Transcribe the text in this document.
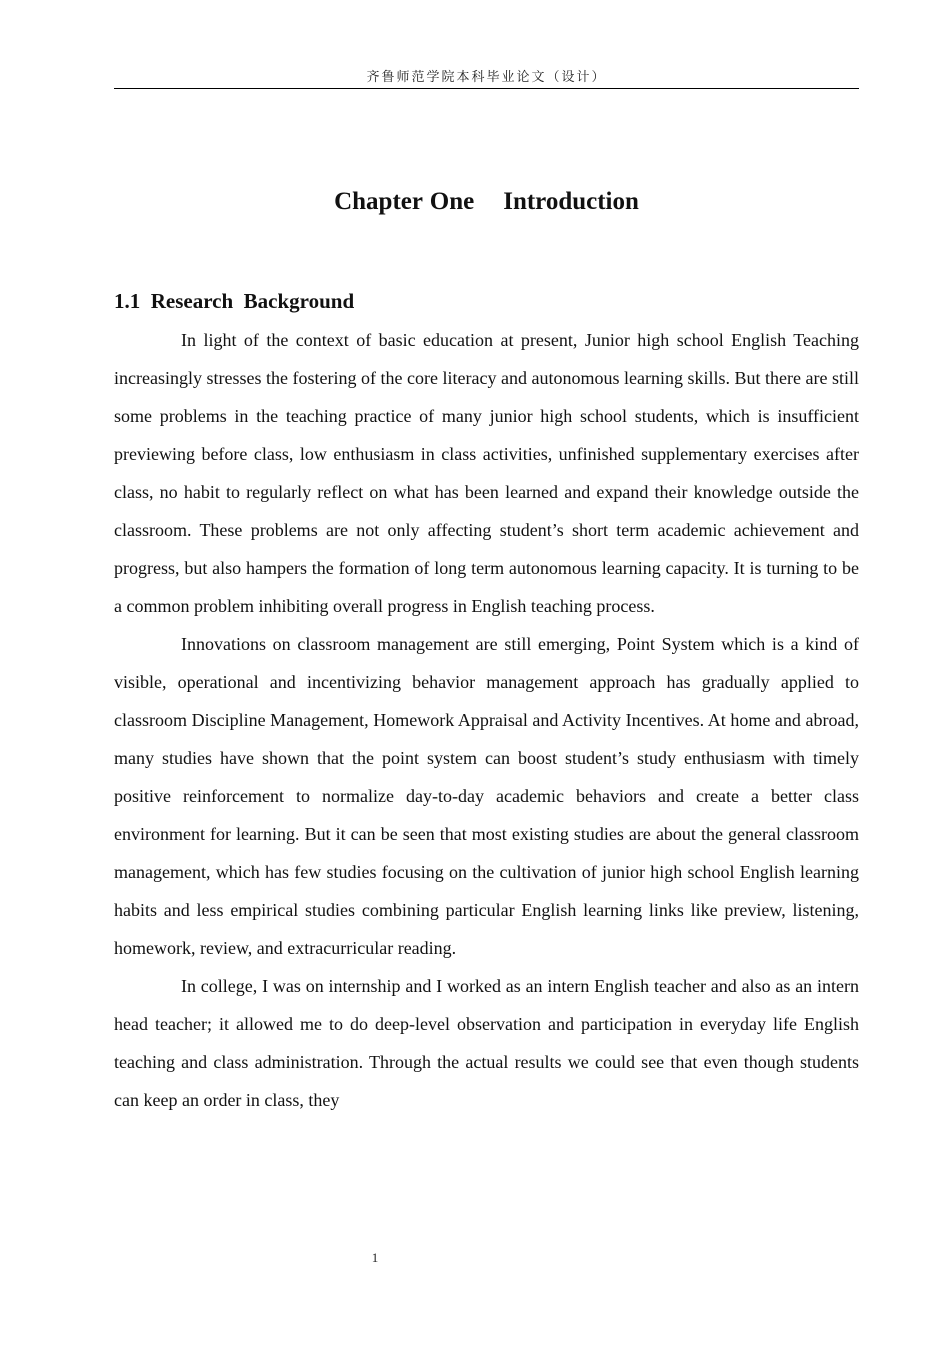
齐鲁师范学院本科毕业论文（设计）
Chapter One    Introduction
1.1  Research  Background

In light of the context of basic education at present, Junior high school English Teaching increasingly stresses the fostering of the core literacy and autonomous learning skills. But there are still some problems in the teaching practice of many junior high school students, which is insufficient previewing before class, low enthusiasm in class activities, unfinished supplementary exercises after class, no habit to regularly reflect on what has been learned and expand their knowledge outside the classroom. These problems are not only affecting student’s short term academic achievement and progress, but also hampers the formation of long term autonomous learning capacity. It is turning to be a common problem inhibiting overall progress in English teaching process.

Innovations on classroom management are still emerging, Point System which is a kind of visible, operational and incentivizing behavior management approach has gradually applied to classroom Discipline Management, Homework Appraisal and Activity Incentives. At home and abroad, many studies have shown that the point system can boost student’s study enthusiasm with timely positive reinforcement to normalize day-to-day academic behaviors and create a better class environment for learning. But it can be seen that most existing studies are about the general classroom management, which has few studies focusing on the cultivation of junior high school English learning habits and less empirical studies combining particular English learning links like preview, listening, homework, review, and extracurricular reading.

In college, I was on internship and I worked as an intern English teacher and also as an intern head teacher; it allowed me to do deep-level observation and participation in everyday life English teaching and class administration. Through the actual results we could see that even though students can keep an order in class, they

1
